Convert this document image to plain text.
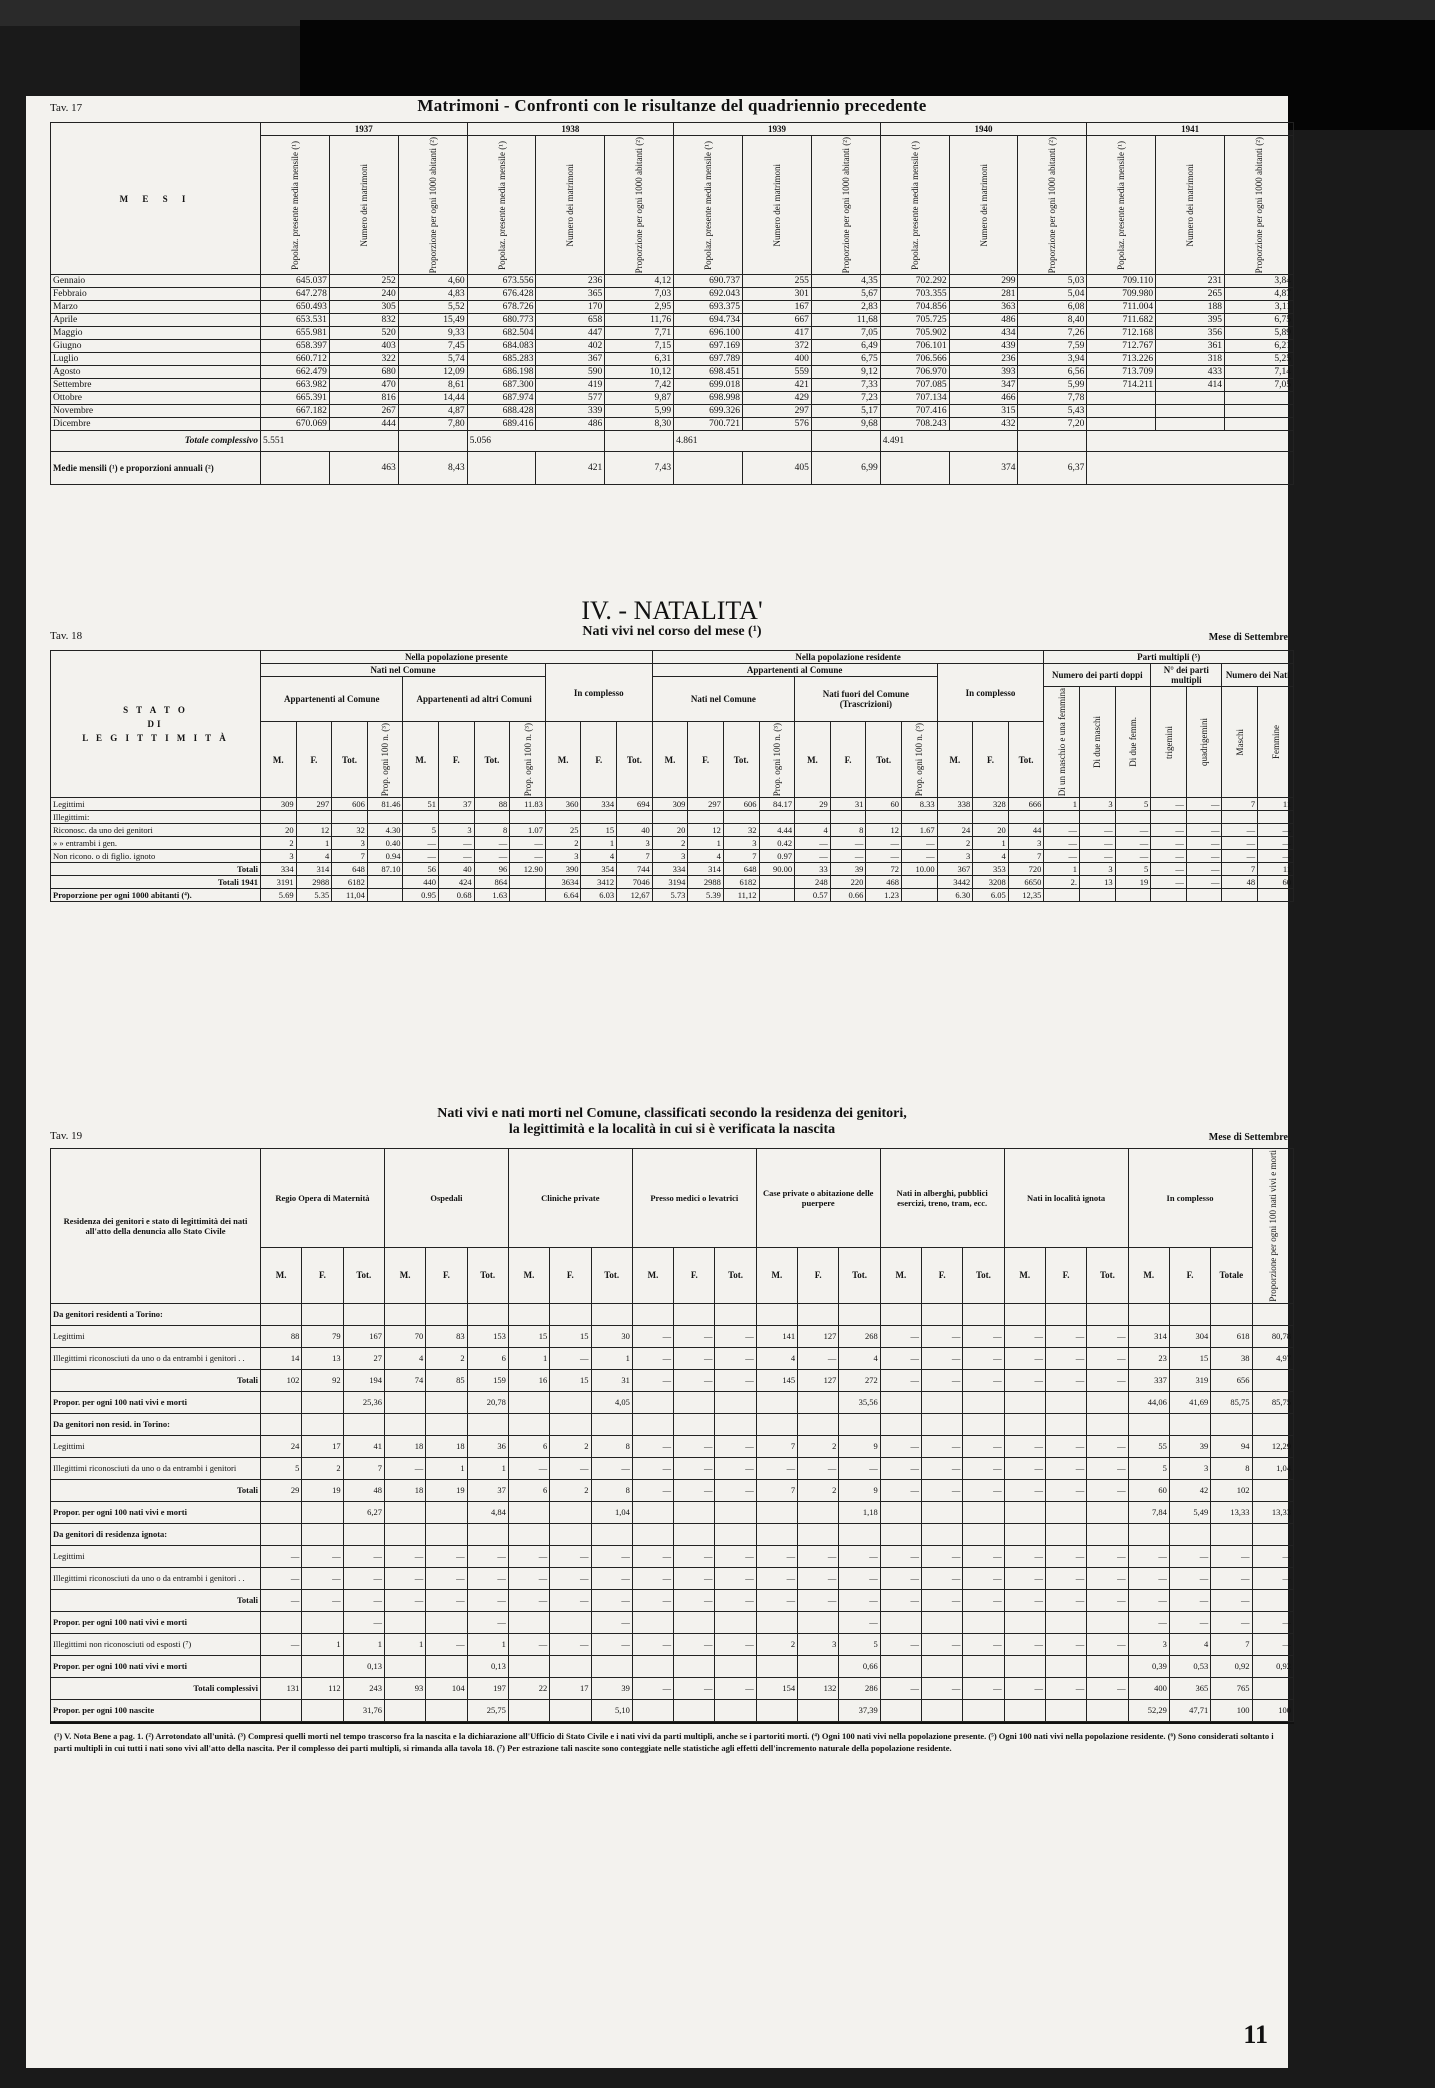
Tav. 17	Matrimoni - Confronti con le risultanze del quadriennio precedente
M E S I	1937			1938			1939			1940			1941		

	Popolaz. presente media mensile (¹)	Numero dei matrimoni	Proporzione per ogni 1000 abitanti (²)	Popolaz. presente media mensile (¹)	Numero dei matrimoni	Proporzione per ogni 1000 abitanti (²)	Popolaz. presente media mensile (¹)	Numero dei matrimoni	Proporzione per ogni 1000 abitanti (²)	Popolaz. presente media mensile (¹)	Numero dei matrimoni	Proporzione per ogni 1000 abitanti (²)	Popolaz. presente media mensile (¹)	Numero dei matrimoni	Proporzione per ogni 1000 abitanti (²)

Gennaio	645.037	252	4,60	673.556	236	4,12	690.737	255	4,35	702.292	299	5,03	709.110	231	3,84
Febbraio	647.278	240	4,83	676.428	365	7,03	692.043	301	5,67	703.355	281	5,04	709.980	265	4,87
Marzo	650.493	305	5,52	678.726	170	2,95	693.375	167	2,83	704.856	363	6,08	711.004	188	3,11
Aprile	653.531	832	15,49	680.773	658	11,76	694.734	667	11,68	705.725	486	8,40	711.682	395	6,75
Maggio	655.981	520	9,33	682.504	447	7,71	696.100	417	7,05	705.902	434	7,26	712.168	356	5,89
Giugno	658.397	403	7,45	684.083	402	7,15	697.169	372	6,49	706.101	439	7,59	712.767	361	6,21
Luglio	660.712	322	5,74	685.283	367	6,31	697.789	400	6,75	706.566	236	3,94	713.226	318	5,25
Agosto	662.479	680	12,09	686.198	590	10,12	698.451	559	9,12	706.970	393	6,56	713.709	433	7,14
Settembre	663.982	470	8,61	687.300	419	7,42	699.018	421	7,33	707.085	347	5,99	714.211	414	7,05
Ottobre	665.391	816	14,44	687.974	577	9,87	698.998	429	7,23	707.134	466	7,78			
Novembre	667.182	267	4,87	688.428	339	5,99	699.326	297	5,17	707.416	315	5,43			
Dicembre	670.069	444	7,80	689.416	486	8,30	700.721	576	9,68	708.243	432	7,20			
Totale complessivo	5.551			5.056			4.861			4.491					
Medie mensili (¹) e proporzioni annuali (²)		463	8,43		421	7,43		405	6,99		374	6,37			
IV. - NATALITA'
Tav. 18	Nati vivi nel corso del mese (¹)	Mese di Settembre
S T A T O
DI
L E G I T T I M I T À	Nella popolazione presente											Nella popolazione residente											Parti multipli (⁵)						
	Nati nel Comune								In complesso			Appartenenti al Comune								In complesso			Numero dei parti doppi			N° dei parti multipli		Numero dei Nati	
	Appartenenti al Comune				Appartenenti ad altri Comuni							Nati nel Comune				Nati fuori del Comune (Trascrizioni)													

																							Di un maschio e una femmina	Di due maschi	Di due femm.	trigemini	quadrigemini	Maschi	Femmine

	M.	F.	Tot.	Prop. ogni 100 n. (³)	M.	F.	Tot.	Prop. ogni 100 n. (³)	M.	F.	Tot.	M.	F.	Tot.	Prop. ogni 100 n. (³)	M.	F.	Tot.	Prop. ogni 100 n. (³)	M.	F.	Tot.							
Legittimi	309	297	606	81.46	51	37	88	11.83	360	334	694	309	297	606	84.17	29	31	60	8.33	338	328	666	1	3	5	—	—	7	11
Illegittimi:																													
Riconosc. da uno dei genitori	20	12	32	4.30	5	3	8	1.07	25	15	40	20	12	32	4.44	4	8	12	1.67	24	20	44	—	—	—	—	—	—	—
» » entrambi i gen.	2	1	3	0.40	—	—	—	—	2	1	3	2	1	3	0.42	—	—	—	—	2	1	3	—	—	—	—	—	—	—
Non ricono. o di figlio. ignoto	3	4	7	0.94	—	—	—	—	3	4	7	3	4	7	0.97	—	—	—	—	3	4	7	—	—	—	—	—	—	—
Totali	334	314	648	87.10	56	40	96	12.90	390	354	744	334	314	648	90.00	33	39	72	10.00	367	353	720	1	3	5	—	—	7	11
Totali 1941	3191	2988	6182		440	424	864		3634	3412	7046	3194	2988	6182		248	220	468		3442	3208	6650	2.	13	19	—	—	48	60
Proporzione per ogni 1000 abitanti (⁴).	5.69	5.35	11,04		0.95	0.68	1.63		6.64	6.03	12,67	5.73	5.39	11,12		0.57	0.66	1.23		6.30	6.05	12,35							
Tav. 19
Nati vivi e nati morti nel Comune, classificati secondo la residenza dei genitori,
la legittimità e la località in cui si è verificata la nascita
Mese di Settembre
Residenza dei genitori e stato di legittimità dei nati all'atto della denuncia allo Stato Civile	Regio Opera di Maternità			Ospedali			Cliniche private			Presso medici o levatrici			Case private o abitazione delle puerpere			Nati in alberghi, pubblici esercizi, treno, tram, ecc.			Nati in località ignota			In complesso			Proporzione per ogni 100 nati vivi e morti

	M.	F.	Tot.	M.	F.	Tot.	M.	F.	Tot.	M.	F.	Tot.	M.	F.	Tot.	M.	F.	Tot.	M.	F.	Tot.	M.	F.	Totale	
Da genitori residenti a Torino:																									
Legittimi	88	79	167	70	83	153	15	15	30	—	—	—	141	127	268	—	—	—	—	—	—	314	304	618	80,78
Illegittimi riconosciuti da uno o da entrambi i genitori . .	14	13	27	4	2	6	1	—	1	—	—	—	4	—	4	—	—	—	—	—	—	23	15	38	4,97
Totali	102	92	194	74	85	159	16	15	31	—	—	—	145	127	272	—	—	—	—	—	—	337	319	656	
Propor. per ogni 100 nati vivi e morti			25,36			20,78			4,05						35,56							44,06	41,69	85,75	85,75
Da genitori non resid. in Torino:																									
Legittimi	24	17	41	18	18	36	6	2	8	—	—	—	7	2	9	—	—	—	—	—	—	55	39	94	12,29
Illegittimi riconosciuti da uno o da entrambi i genitori	5	2	7	—	1	1	—	—	—	—	—	—	—	—	—	—	—	—	—	—	—	5	3	8	1,04
Totali	29	19	48	18	19	37	6	2	8	—	—	—	7	2	9	—	—	—	—	—	—	60	42	102	
Propor. per ogni 100 nati vivi e morti			6,27			4,84			1,04						1,18							7,84	5,49	13,33	13,33
Da genitori di residenza ignota:																									
Legittimi	—	—	—	—	—	—	—	—	—	—	—	—	—	—	—	—	—	—	—	—	—	—	—	—	—
Illegittimi riconosciuti da uno o da entrambi i genitori . .	—	—	—	—	—	—	—	—	—	—	—	—	—	—	—	—	—	—	—	—	—	—	—	—	—
Totali	—	—	—	—	—	—	—	—	—	—	—	—	—	—	—	—	—	—	—	—	—	—	—	—	
Propor. per ogni 100 nati vivi e morti			—			—			—						—							—	—	—	—
Illegittimi non riconosciuti od esposti (⁷)	—	1	1	1	—	1	—	—	—	—	—	—	2	3	5	—	—	—	—	—	—	3	4	7	—
Propor. per ogni 100 nati vivi e morti			0,13			0,13									0,66							0,39	0,53	0,92	0,92
Totali complessivi	131	112	243	93	104	197	22	17	39	—	—	—	154	132	286	—	—	—	—	—	—	400	365	765	
Propor. per ogni 100 nascite			31,76			25,75			5,10						37,39							52,29	47,71	100	100
(¹) V. Nota Bene a pag. 1. (²) Arrotondato all'unità. (³) Compresi quelli morti nel tempo trascorso fra la nascita e la dichiarazione all'Ufficio di Stato Civile e i nati vivi da parti multipli, anche se i partoriti morti. (⁴) Ogni 100 nati vivi nella popolazione presente. (⁵) Ogni 100 nati vivi nella popolazione residente. (⁶) Sono considerati soltanto i parti multipli in cui tutti i nati sono vivi all'atto della nascita. Per il complesso dei parti multipli, si rimanda alla tavola 18. (⁷) Per estrazione tali nascite sono conteggiate nelle statistiche agli effetti dell'incremento naturale della popolazione residente.
11
